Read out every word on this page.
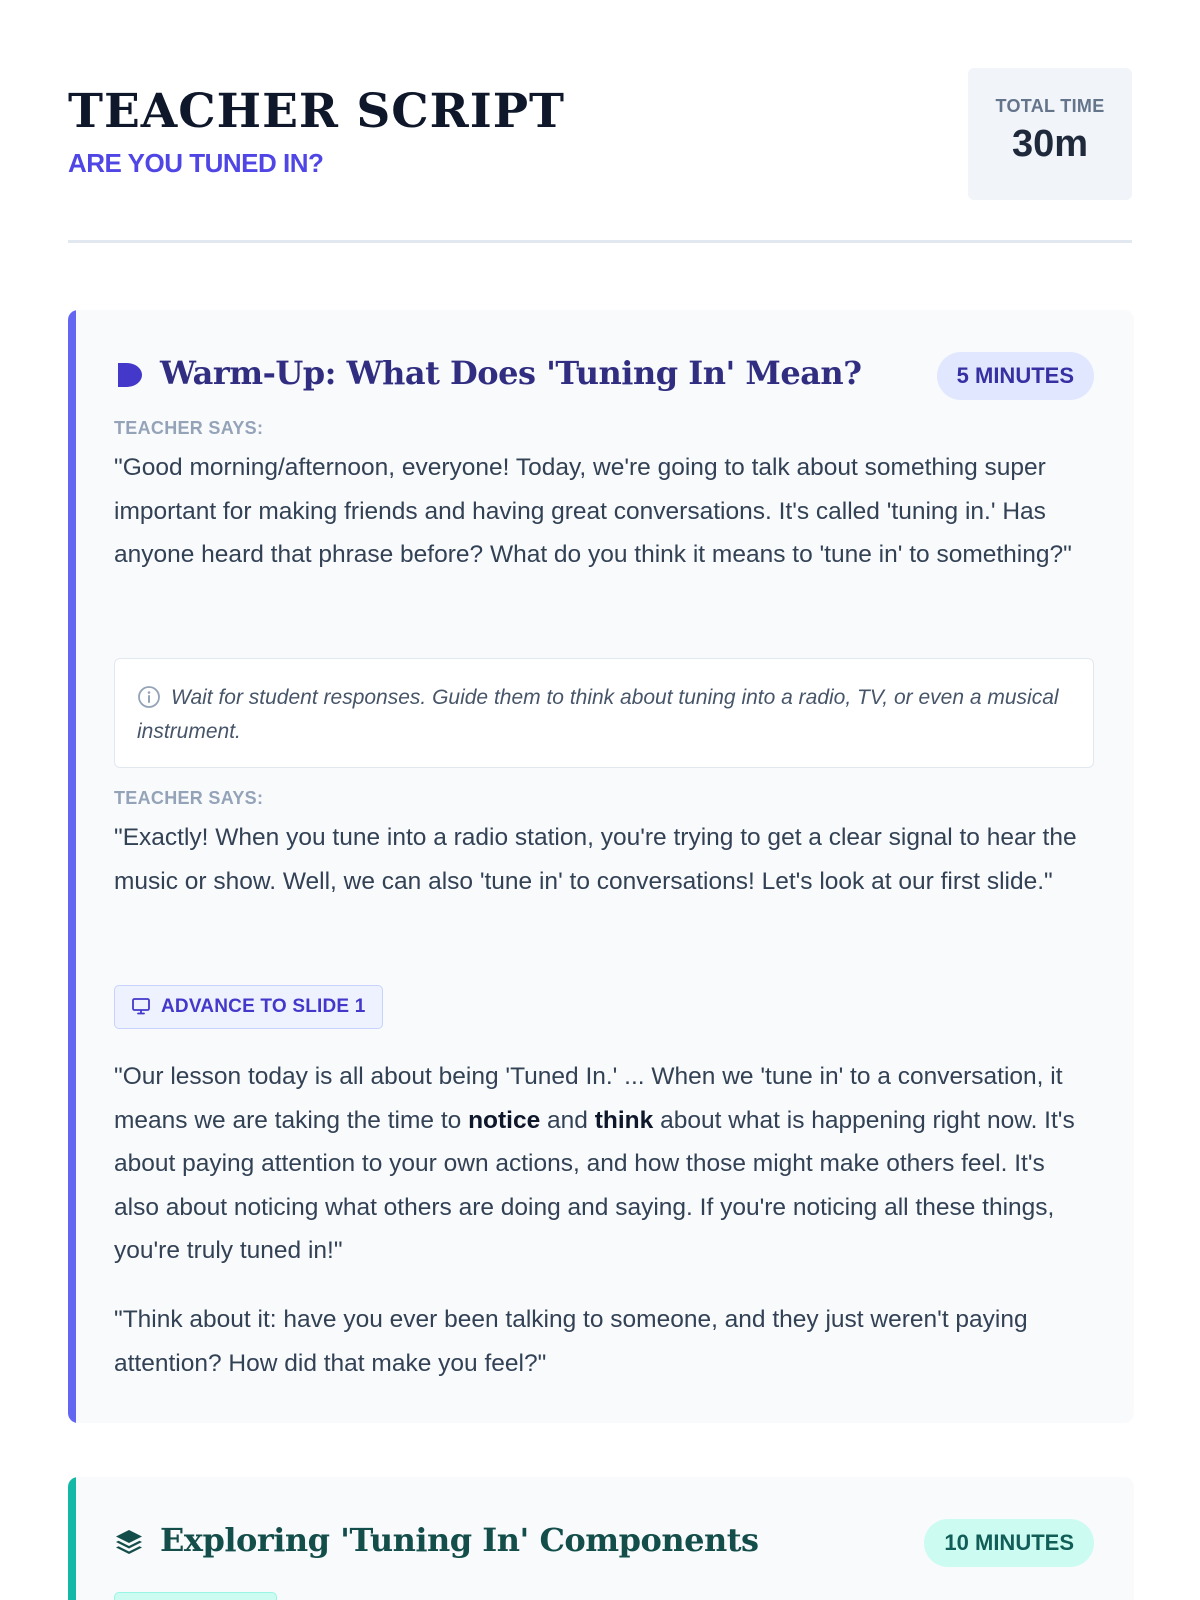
TEACHER SCRIPT
ARE YOU TUNED IN?
TOTAL TIME
30m
Warm-Up: What Does 'Tuning In' Mean?	5 MINUTES
TEACHER SAYS:

"Good morning/afternoon, everyone! Today, we're going to talk about something super important for making friends and having great conversations. It's called 'tuning in.' Has anyone heard that phrase before? What do you think it means to 'tune in' to something?"

Wait for student responses. Guide them to think about tuning into a radio, TV, or even a musical instrument.
TEACHER SAYS:

"Exactly! When you tune into a radio station, you're trying to get a clear signal to hear the music or show. Well, we can also 'tune in' to conversations! Let's look at our first slide."

ADVANCE TO SLIDE 1

"Our lesson today is all about being 'Tuned In.' ... When we 'tune in' to a conversation, it means we are taking the time to notice and think about what is happening right now. It's about paying attention to your own actions, and how those might make others feel. It's also about noticing what others are doing and saying. If you're noticing all these things, you're truly tuned in!"

"Think about it: have you ever been talking to someone, and they just weren't paying attention? How did that make you feel?"

Exploring 'Tuning In' Components	10 MINUTES
